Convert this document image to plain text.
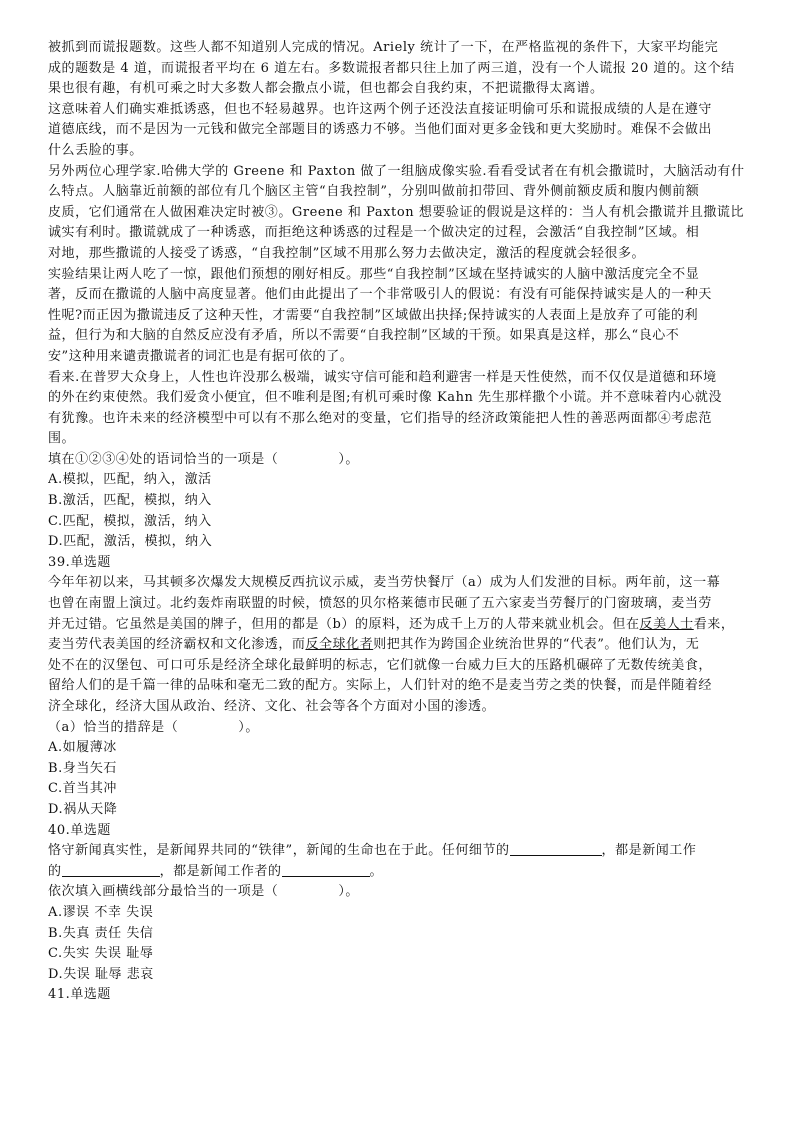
被抓到而谎报题数。这些人都不知道别人完成的情况。Ariely 统计了一下，在严格监视的条件下，大家平均能完
成的题数是 4 道，而谎报者平均在 6 道左右。多数谎报者都只往上加了两三道，没有一个人谎报 20 道的。这个结
果也很有趣，有机可乘之时大多数人都会撒点小谎，但也都会自我约束，不把谎撒得太离谱。
这意味着人们确实难抵诱惑，但也不轻易越界。也许这两个例子还没法直接证明偷可乐和谎报成绩的人是在遵守
道德底线，而不是因为一元钱和做完全部题目的诱惑力不够。当他们面对更多金钱和更大奖励时。难保不会做出
什么丢脸的事。
另外两位心理学家.哈佛大学的 Greene 和 Paxton 做了一组脑成像实验.看看受试者在有机会撒谎时，大脑活动有什
么特点。人脑靠近前额的部位有几个脑区主管“自我控制”，分别叫做前扣带回、背外侧前额皮质和腹内侧前额
皮质，它们通常在人做困难决定时被③。Greene 和 Paxton 想要验证的假说是这样的：当人有机会撒谎并且撒谎比
诚实有利时。撒谎就成了一种诱惑，而拒绝这种诱惑的过程是一个做决定的过程，会激活“自我控制”区域。相
对地，那些撒谎的人接受了诱惑，“自我控制”区域不用那么努力去做决定，激活的程度就会轻很多。
实验结果让两人吃了一惊，跟他们预想的刚好相反。那些“自我控制”区域在坚持诚实的人脑中激活度完全不显
著，反而在撒谎的人脑中高度显著。他们由此提出了一个非常吸引人的假说：有没有可能保持诚实是人的一种天
性呢?而正因为撒谎违反了这种天性，才需要“自我控制”区域做出抉择;保持诚实的人表面上是放弃了可能的利
益，但行为和大脑的自然反应没有矛盾，所以不需要“自我控制”区域的干预。如果真是这样，那么“良心不
安”这种用来谴责撒谎者的词汇也是有据可依的了。
看来.在普罗大众身上，人性也许没那么极端，诚实守信可能和趋利避害一样是天性使然，而不仅仅是道德和环境
的外在约束使然。我们爱贪小便宜，但不唯利是图;有机可乘时像 Kahn 先生那样撒个小谎。并不意味着内心就没
有犹豫。也许未来的经济模型中可以有不那么绝对的变量，它们指导的经济政策能把人性的善恶两面都④考虑范
围。
填在①②③④处的语词恰当的一项是（	）。
A.模拟，匹配，纳入，激活
B.激活，匹配，模拟，纳入
C.匹配，模拟，激活，纳入
D.匹配，激活，模拟，纳入
39.单选题
今年年初以来，马其顿多次爆发大规模反西抗议示威，麦当劳快餐厅（a）成为人们发泄的目标。两年前，这一幕
也曾在南盟上演过。北约轰炸南联盟的时候，愤怒的贝尔格莱德市民砸了五六家麦当劳餐厅的门窗玻璃，麦当劳
并无过错。它虽然是美国的牌子，但用的都是（b）的原料，还为成千上万的人带来就业机会。但在反美人士看来，
麦当劳代表美国的经济霸权和文化渗透，而反全球化者则把其作为跨国企业统治世界的“代表”。他们认为，无
处不在的汉堡包、可口可乐是经济全球化最鲜明的标志，它们就像一台威力巨大的压路机碾碎了无数传统美食，
留给人们的是千篇一律的品味和毫无二致的配方。实际上，人们针对的绝不是麦当劳之类的快餐，而是伴随着经
济全球化，经济大国从政治、经济、文化、社会等各个方面对小国的渗透。
（a）恰当的措辞是（	）。
A.如履薄冰
B.身当矢石
C.首当其冲
D.祸从天降
40.单选题
恪守新闻真实性，是新闻界共同的“铁律”，新闻的生命也在于此。任何细节的	，都是新闻工作
的	，都是新闻工作者的	。
依次填入画横线部分最恰当的一项是（	）。
A.谬误 不幸 失误
B.失真 责任 失信
C.失实 失误 耻辱
D.失误 耻辱 悲哀
41.单选题
